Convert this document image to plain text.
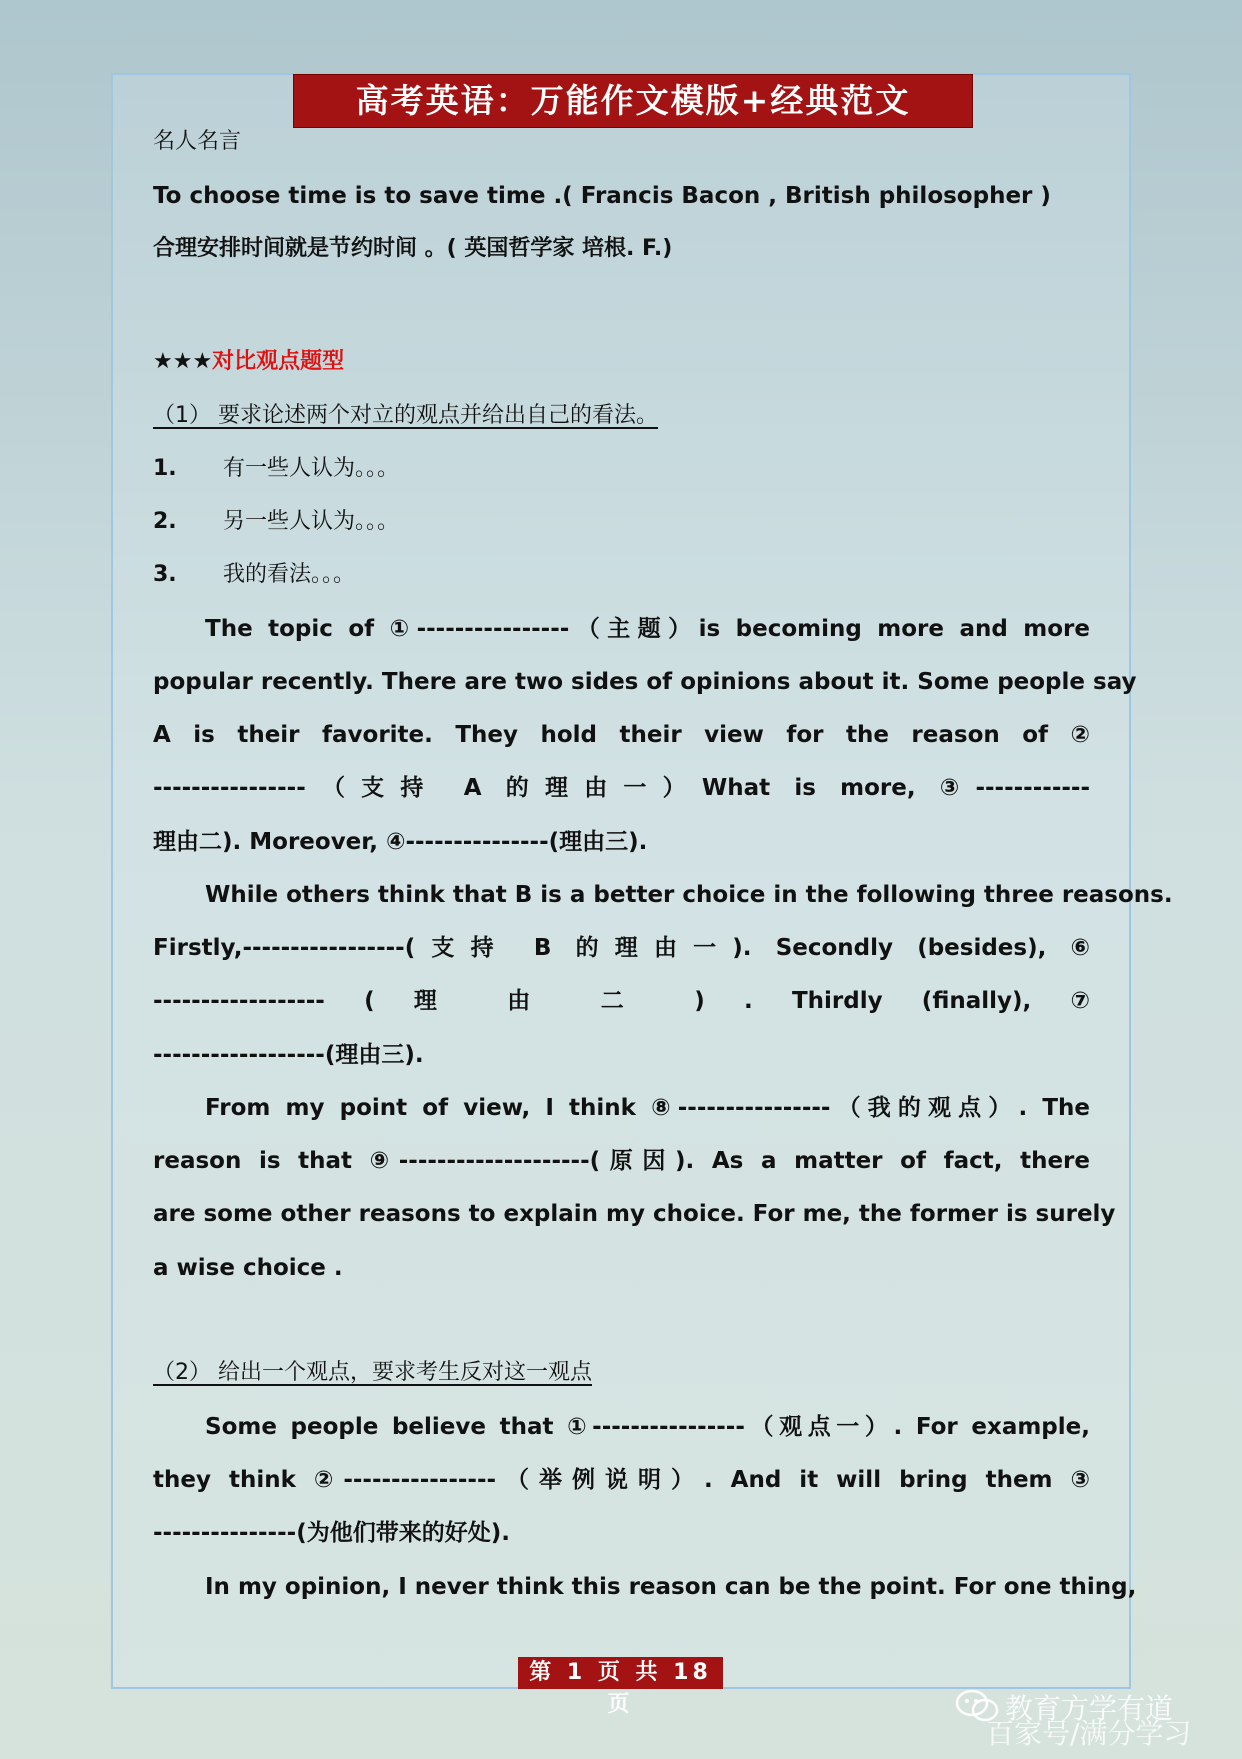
高考英语：万能作文模版+经典范文
名人名言
To choose time is to save time .( Francis Bacon , British philosopher )
合理安排时间就是节约时间 。( 英国哲学家 培根. F.)
★★★对比观点题型
（1） 要求论述两个对立的观点并给出自己的看法。
1. 有一些人认为。。。
2. 另一些人认为。。。
3. 我的看法。。。
The topic of ①----------------（主题）is becoming more and more
popular recently. There are two sides of opinions about it. Some people say
A is their favorite. They hold their view for the reason of ②
----------------（支持 A 的理由一）What is more, ③------------
理由二). Moreover, ④---------------(理由三).
While others think that B is a better choice in the following three reasons.
Firstly,-----------------(支持 B 的理由一). Secondly (besides), ⑥
------------------ ( 理 由 二 ) . Thirdly (finally), ⑦
------------------(理由三).
From my point of view, I think ⑧----------------（我的观点）. The
reason is that ⑨--------------------(原因). As a matter of fact, there
are some other reasons to explain my choice. For me, the former is surely
a wise choice .
（2） 给出一个观点，要求考生反对这一观点
Some people believe that ①----------------（观点一）. For example,
they think ②----------------（举例说明）. And it will bring them ③
---------------(为他们带来的好处).
In my opinion, I never think this reason can be the point. For one thing,
第 1 页 共 18 页	教育方学有道
百家号/满分学习
